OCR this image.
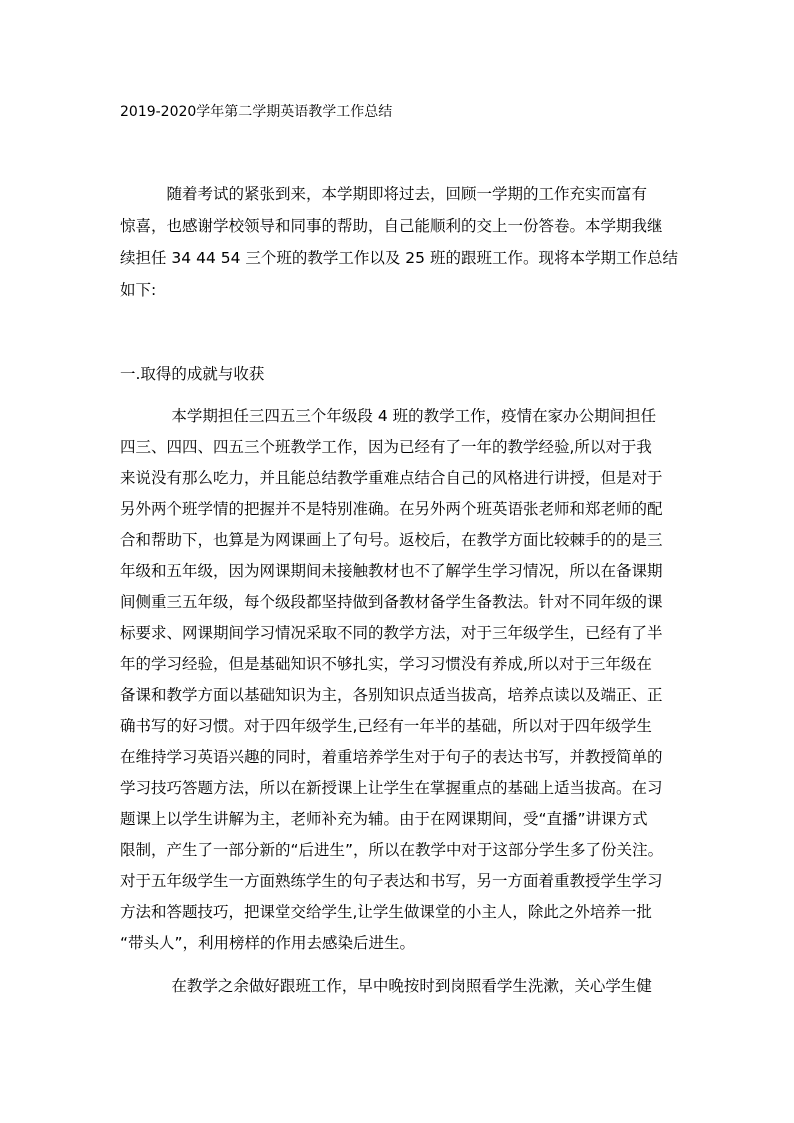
2019-2020学年第二学期英语教学工作总结
　　　随着考试的紧张到来，本学期即将过去，回顾一学期的工作充实而富有
惊喜，也感谢学校领导和同事的帮助，自己能顺利的交上一份答卷。本学期我继
续担任 34 44 54 三个班的教学工作以及 25 班的跟班工作。现将本学期工作总结
如下:
一.取得的成就与收获
　　　 本学期担任三四五三个年级段 4 班的教学工作，疫情在家办公期间担任
四三、四四、四五三个班教学工作，因为已经有了一年的教学经验,所以对于我
来说没有那么吃力，并且能总结教学重难点结合自己的风格进行讲授，但是对于
另外两个班学情的把握并不是特别准确。在另外两个班英语张老师和郑老师的配
合和帮助下，也算是为网课画上了句号。返校后，在教学方面比较棘手的的是三
年级和五年级，因为网课期间未接触教材也不了解学生学习情况，所以在备课期
间侧重三五年级，每个级段都坚持做到备教材备学生备教法。针对不同年级的课
标要求、网课期间学习情况采取不同的教学方法，对于三年级学生，已经有了半
年的学习经验，但是基础知识不够扎实，学习习惯没有养成,所以对于三年级在
备课和教学方面以基础知识为主，各别知识点适当拔高，培养点读以及端正、正
确书写的好习惯。对于四年级学生,已经有一年半的基础，所以对于四年级学生
在维持学习英语兴趣的同时，着重培养学生对于句子的表达书写，并教授简单的
学习技巧答题方法，所以在新授课上让学生在掌握重点的基础上适当拔高。在习
题课上以学生讲解为主，老师补充为辅。由于在网课期间，受“直播”讲课方式
限制，产生了一部分新的“后进生”，所以在教学中对于这部分学生多了份关注。
对于五年级学生一方面熟练学生的句子表达和书写，另一方面着重教授学生学习
方法和答题技巧，把课堂交给学生,让学生做课堂的小主人，除此之外培养一批
“带头人”，利用榜样的作用去感染后进生。
　　　 在教学之余做好跟班工作，早中晚按时到岗照看学生洗漱，关心学生健
